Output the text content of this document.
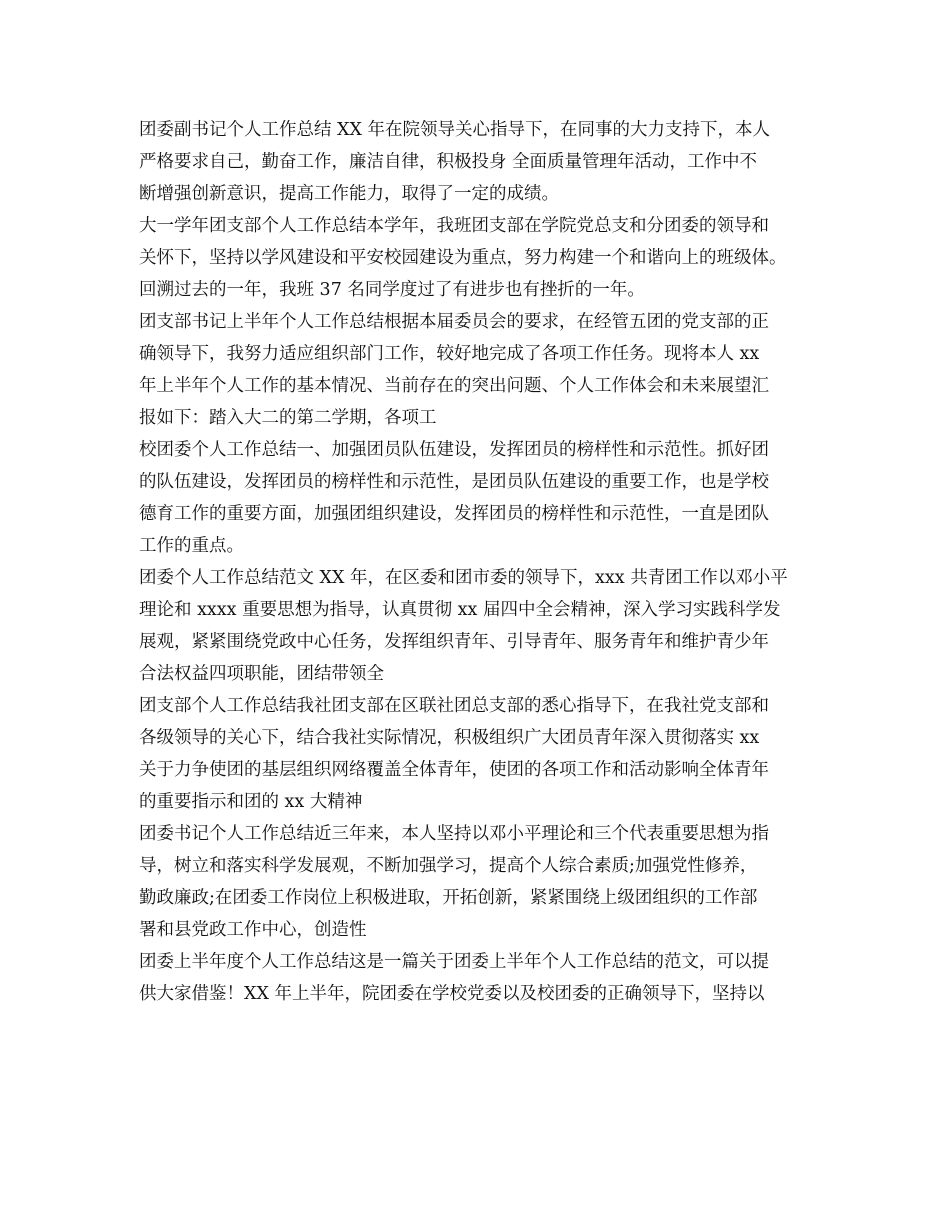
团委副书记个人工作总结 XX 年在院领导关心指导下，在同事的大力支持下，本人
严格要求自己，勤奋工作，廉洁自律，积极投身 全面质量管理年活动，工作中不
断增强创新意识，提高工作能力，取得了一定的成绩。
大一学年团支部个人工作总结本学年，我班团支部在学院党总支和分团委的领导和
关怀下，坚持以学风建设和平安校园建设为重点，努力构建一个和谐向上的班级体。
回溯过去的一年，我班 37 名同学度过了有进步也有挫折的一年。
团支部书记上半年个人工作总结根据本届委员会的要求，在经管五团的党支部的正
确领导下，我努力适应组织部门工作，较好地完成了各项工作任务。现将本人 xx
年上半年个人工作的基本情况、当前存在的突出问题、个人工作体会和未来展望汇
报如下：踏入大二的第二学期，各项工
校团委个人工作总结一、加强团员队伍建设，发挥团员的榜样性和示范性。抓好团
的队伍建设，发挥团员的榜样性和示范性，是团员队伍建设的重要工作，也是学校
德育工作的重要方面，加强团组织建设，发挥团员的榜样性和示范性，一直是团队
工作的重点。
团委个人工作总结范文 XX 年，在区委和团市委的领导下，xxx 共青团工作以邓小平
理论和 xxxx 重要思想为指导，认真贯彻 xx 届四中全会精神，深入学习实践科学发
展观，紧紧围绕党政中心任务，发挥组织青年、引导青年、服务青年和维护青少年
合法权益四项职能，团结带领全
团支部个人工作总结我社团支部在区联社团总支部的悉心指导下，在我社党支部和
各级领导的关心下，结合我社实际情况，积极组织广大团员青年深入贯彻落实 xx
关于力争使团的基层组织网络覆盖全体青年，使团的各项工作和活动影响全体青年
的重要指示和团的 xx 大精神
团委书记个人工作总结近三年来，本人坚持以邓小平理论和三个代表重要思想为指
导，树立和落实科学发展观，不断加强学习，提高个人综合素质;加强党性修养，
勤政廉政;在团委工作岗位上积极进取，开拓创新，紧紧围绕上级团组织的工作部
署和县党政工作中心，创造性
团委上半年度个人工作总结这是一篇关于团委上半年个人工作总结的范文，可以提
供大家借鉴！XX 年上半年，院团委在学校党委以及校团委的正确领导下，坚持以
